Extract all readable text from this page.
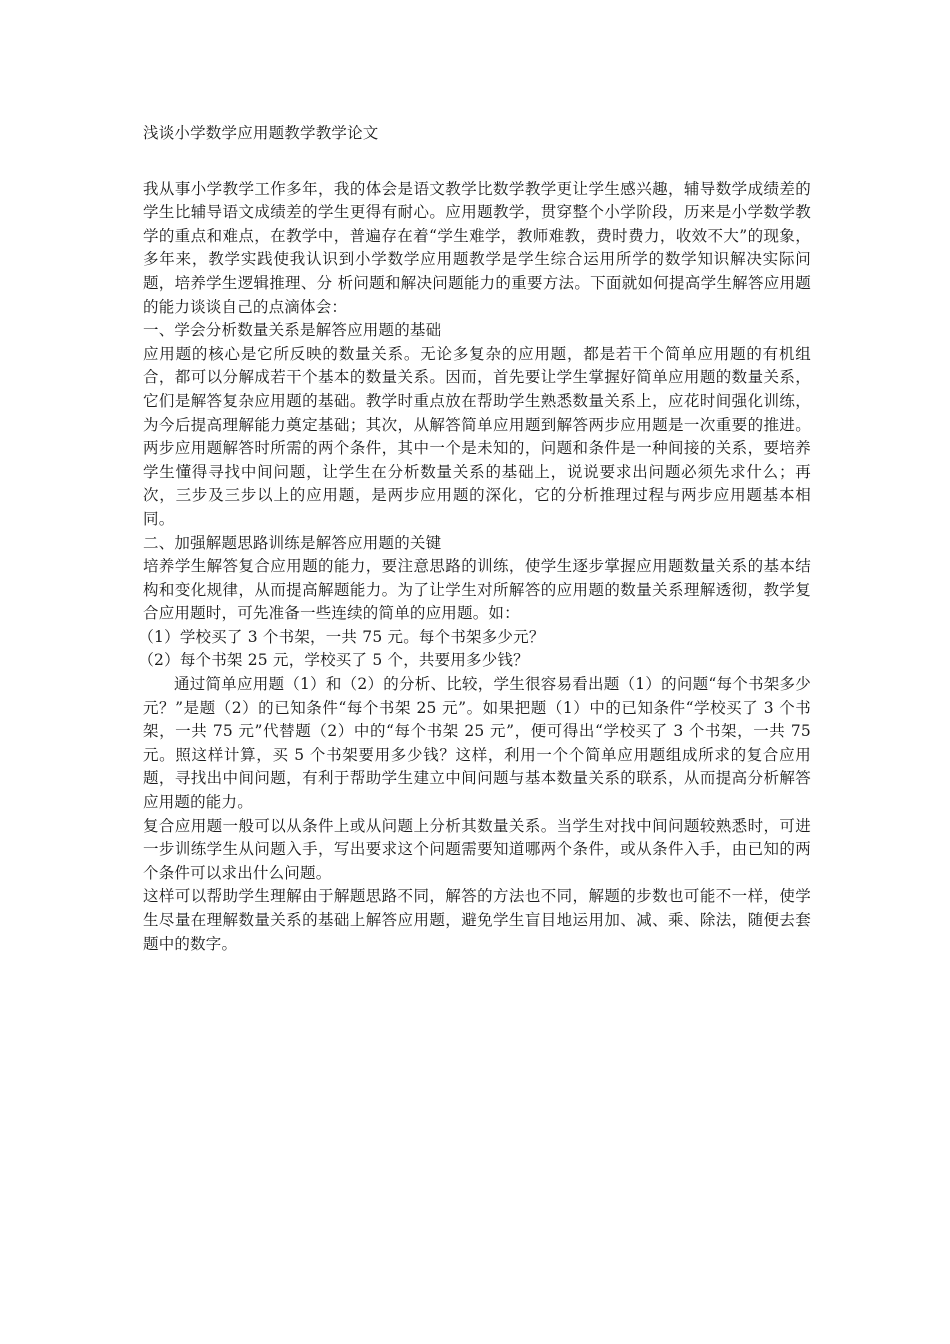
浅谈小学数学应用题教学教学论文

我从事小学教学工作多年，我的体会是语文教学比数学教学更让学生感兴趣，辅导数学成绩差的学生比辅导语文成绩差的学生更得有耐心。应用题教学，贯穿整个小学阶段，历来是小学数学教学的重点和难点，在教学中，普遍存在着“学生难学，教师难教，费时费力，收效不大”的现象，多年来，教学实践使我认识到小学数学应用题教学是学生综合运用所学的数学知识解决实际问题，培养学生逻辑推理、分 析问题和解决问题能力的重要方法。下面就如何提高学生解答应用题的能力谈谈自己的点滴体会：

一、学会分析数量关系是解答应用题的基础

应用题的核心是它所反映的数量关系。无论多复杂的应用题，都是若干个简单应用题的有机组合，都可以分解成若干个基本的数量关系。因而，首先要让学生掌握好简单应用题的数量关系，它们是解答复杂应用题的基础。教学时重点放在帮助学生熟悉数量关系上，应花时间强化训练，为今后提高理解能力奠定基础；其次，从解答简单应用题到解答两步应用题是一次重要的推进。两步应用题解答时所需的两个条件，其中一个是未知的，问题和条件是一种间接的关系，要培养学生懂得寻找中间问题，让学生在分析数量关系的基础上，说说要求出问题必须先求什么；再次，三步及三步以上的应用题，是两步应用题的深化，它的分析推理过程与两步应用题基本相同。

二、加强解题思路训练是解答应用题的关键

培养学生解答复合应用题的能力，要注意思路的训练，使学生逐步掌握应用题数量关系的基本结构和变化规律，从而提高解题能力。为了让学生对所解答的应用题的数量关系理解透彻，教学复合应用题时，可先准备一些连续的简单的应用题。如：

（1）学校买了 3 个书架，一共 75 元。每个书架多少元？

（2）每个书架 25 元，学校买了 5 个，共要用多少钱？

通过简单应用题（1）和（2）的分析、比较，学生很容易看出题（1）的问题“每个书架多少元？”是题（2）的已知条件“每个书架 25 元”。如果把题（1）中的已知条件“学校买了 3 个书架，一共 75 元”代替题（2）中的“每个书架 25 元”，便可得出“学校买了 3 个书架，一共 75 元。照这样计算，买 5 个书架要用多少钱？这样，利用一个个简单应用题组成所求的复合应用题，寻找出中间问题，有利于帮助学生建立中间问题与基本数量关系的联系，从而提高分析解答应用题的能力。

复合应用题一般可以从条件上或从问题上分析其数量关系。当学生对找中间问题较熟悉时，可进一步训练学生从问题入手，写出要求这个问题需要知道哪两个条件，或从条件入手，由已知的两个条件可以求出什么问题。

这样可以帮助学生理解由于解题思路不同，解答的方法也不同，解题的步数也可能不一样，使学生尽量在理解数量关系的基础上解答应用题，避免学生盲目地运用加、减、乘、除法，随便去套题中的数字。
